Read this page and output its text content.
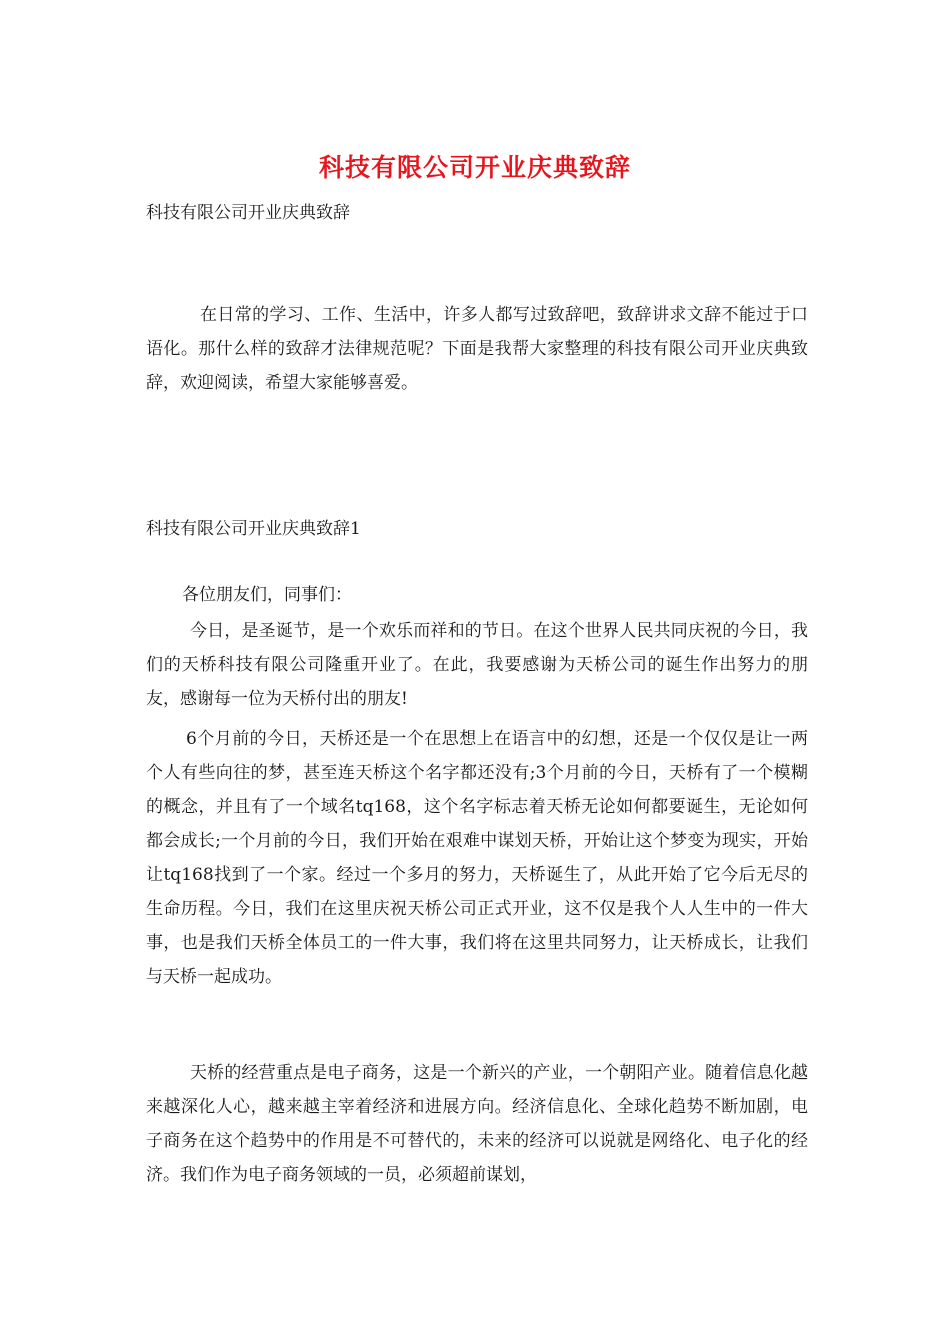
科技有限公司开业庆典致辞
科技有限公司开业庆典致辞

在日常的学习、工作、生活中，许多人都写过致辞吧，致辞讲求文辞不能过于口语化。那什么样的致辞才法律规范呢？下面是我帮大家整理的科技有限公司开业庆典致辞，欢迎阅读，希望大家能够喜爱。

科技有限公司开业庆典致辞1
各位朋友们，同事们：

今日，是圣诞节，是一个欢乐而祥和的节日。在这个世界人民共同庆祝的今日，我们的天桥科技有限公司隆重开业了。在此，我要感谢为天桥公司的诞生作出努力的朋友，感谢每一位为天桥付出的朋友!

6个月前的今日，天桥还是一个在思想上在语言中的幻想，还是一个仅仅是让一两个人有些向往的梦，甚至连天桥这个名字都还没有;3个月前的今日，天桥有了一个模糊的概念，并且有了一个域名tq168，这个名字标志着天桥无论如何都要诞生，无论如何都会成长;一个月前的今日，我们开始在艰难中谋划天桥，开始让这个梦变为现实，开始让tq168找到了一个家。经过一个多月的努力，天桥诞生了，从此开始了它今后无尽的生命历程。今日，我们在这里庆祝天桥公司正式开业，这不仅是我个人人生中的一件大事，也是我们天桥全体员工的一件大事，我们将在这里共同努力，让天桥成长，让我们与天桥一起成功。

天桥的经营重点是电子商务，这是一个新兴的产业，一个朝阳产业。随着信息化越来越深化人心，越来越主宰着经济和进展方向。经济信息化、全球化趋势不断加剧，电子商务在这个趋势中的作用是不可替代的，未来的经济可以说就是网络化、电子化的经济。我们作为电子商务领域的一员，必须超前谋划，
